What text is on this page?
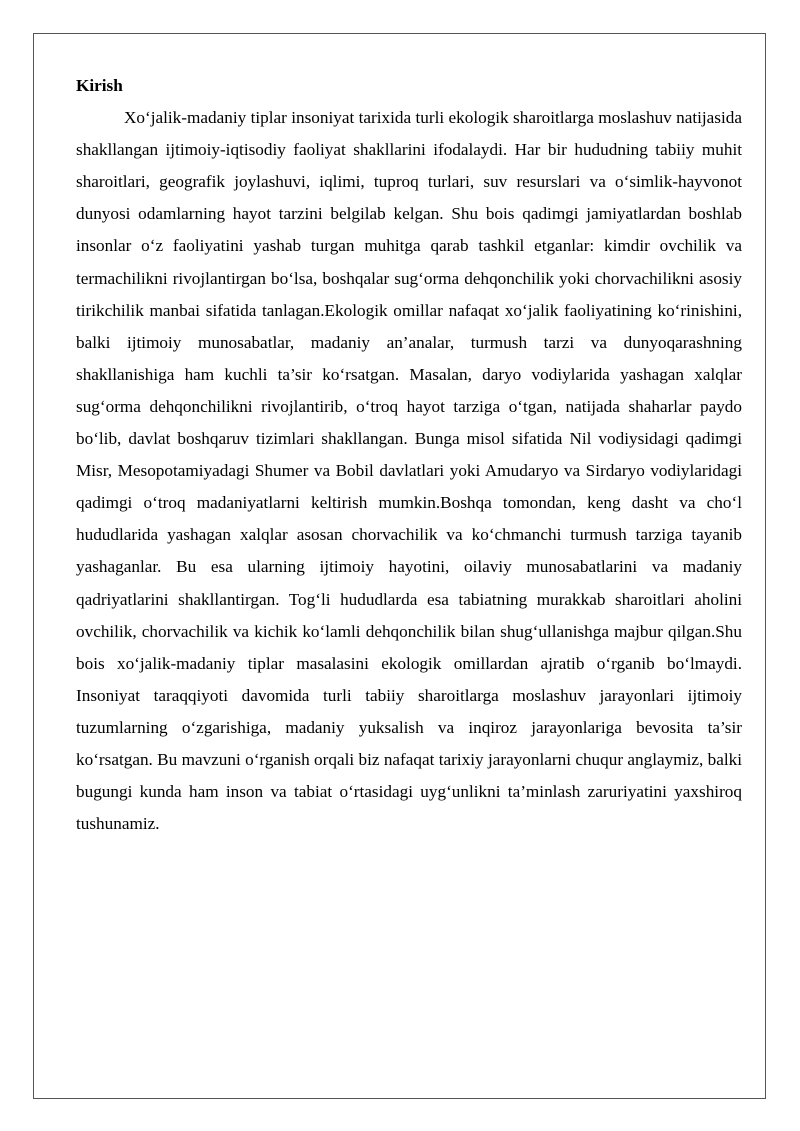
Kirish

Xo‘jalik-madaniy tiplar insoniyat tarixida turli ekologik sharoitlarga moslashuv natijasida shakllangan ijtimoiy-iqtisodiy faoliyat shakllarini ifodalaydi. Har bir hududning tabiiy muhit sharoitlari, geografik joylashuvi, iqlimi, tuproq turlari, suv resurslari va o‘simlik-hayvonot dunyosi odamlarning hayot tarzini belgilab kelgan. Shu bois qadimgi jamiyatlardan boshlab insonlar o‘z faoliyatini yashab turgan muhitga qarab tashkil etganlar: kimdir ovchilik va termachilikni rivojlantirgan bo‘lsa, boshqalar sug‘orma dehqonchilik yoki chorvachilikni asosiy tirikchilik manbai sifatida tanlagan.Ekologik omillar nafaqat xo‘jalik faoliyatining ko‘rinishini, balki ijtimoiy munosabatlar, madaniy an’analar, turmush tarzi va dunyoqarashning shakllanishiga ham kuchli ta’sir ko‘rsatgan. Masalan, daryo vodiylarida yashagan xalqlar sug‘orma dehqonchilikni rivojlantirib, o‘troq hayot tarziga o‘tgan, natijada shaharlar paydo bo‘lib, davlat boshqaruv tizimlari shakllangan. Bunga misol sifatida Nil vodiysidagi qadimgi Misr, Mesopotamiyadagi Shumer va Bobil davlatlari yoki Amudaryo va Sirdaryo vodiylaridagi qadimgi o‘troq madaniyatlarni keltirish mumkin.Boshqa tomondan, keng dasht va cho‘l hududlarida yashagan xalqlar asosan chorvachilik va ko‘chmanchi turmush tarziga tayanib yashaganlar. Bu esa ularning ijtimoiy hayotini, oilaviy munosabatlarini va madaniy qadriyatlarini shakllantirgan. Tog‘li hududlarda esa tabiatning murakkab sharoitlari aholini ovchilik, chorvachilik va kichik ko‘lamli dehqonchilik bilan shug‘ullanishga majbur qilgan.Shu bois xo‘jalik-madaniy tiplar masalasini ekologik omillardan ajratib o‘rganib bo‘lmaydi. Insoniyat taraqqiyoti davomida turli tabiiy sharoitlarga moslashuv jarayonlari ijtimoiy tuzumlarning o‘zgarishiga, madaniy yuksalish va inqiroz jarayonlariga bevosita ta’sir ko‘rsatgan. Bu mavzuni o‘rganish orqali biz nafaqat tarixiy jarayonlarni chuqur anglaymiz, balki bugungi kunda ham inson va tabiat o‘rtasidagi uyg‘unlikni ta’minlash zaruriyatini yaxshiroq tushunamiz.
